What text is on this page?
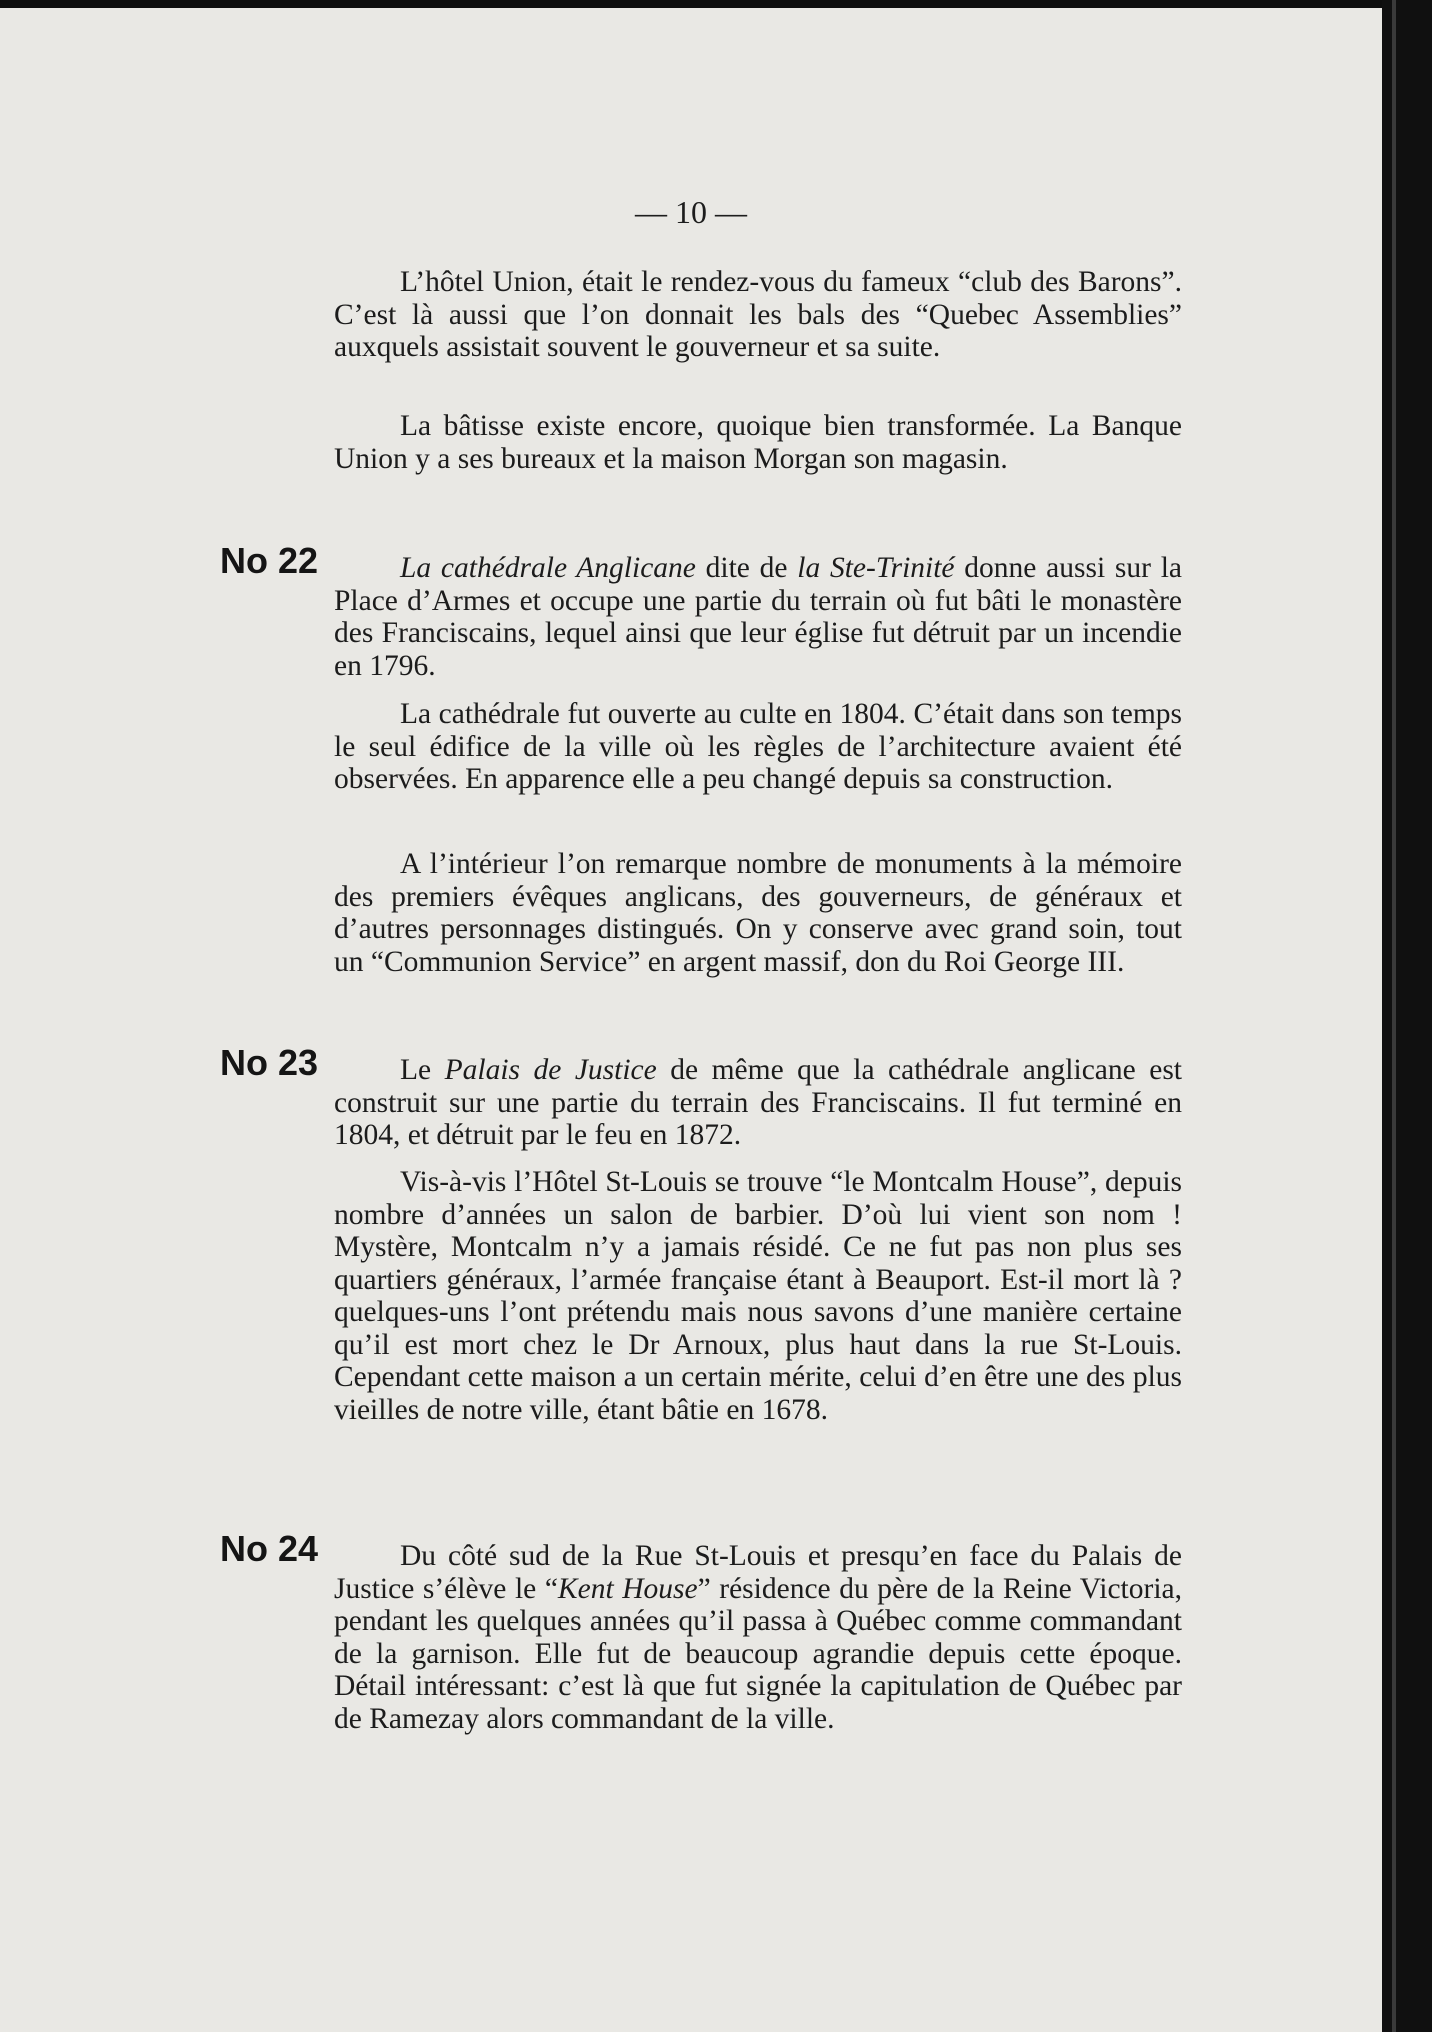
— 10 —

L’hôtel Union, était le rendez-vous du fameux “club des Barons”. C’est là aussi que l’on donnait les bals des “Quebec Assemblies” auxquels assistait souvent le gouverneur et sa suite.

La bâtisse existe encore, quoique bien transformée. La Banque Union y a ses bureaux et la maison Morgan son magasin.

No 22	La cathédrale Anglicane dite de la Ste-Trinité donne aussi sur la Place d’Armes et occupe une partie du terrain où fut bâti le monastère des Franciscains, lequel ainsi que leur église fut détruit par un incendie en 1796.

La cathédrale fut ouverte au culte en 1804. C’était dans son temps le seul édifice de la ville où les règles de l’architecture avaient été observées. En apparence elle a peu changé depuis sa construction.

A l’intérieur l’on remarque nombre de monuments à la mémoire des premiers évêques anglicans, des gouverneurs, de généraux et d’autres personnages distingués. On y conserve avec grand soin, tout un “Communion Service” en argent massif, don du Roi George III.

No 23	Le Palais de Justice de même que la cathédrale anglicane est construit sur une partie du terrain des Franciscains. Il fut terminé en 1804, et détruit par le feu en 1872.

Vis-à-vis l’Hôtel St-Louis se trouve “le Montcalm House”, depuis nombre d’années un salon de barbier. D’où lui vient son nom ! Mystère, Montcalm n’y a jamais résidé. Ce ne fut pas non plus ses quartiers généraux, l’armée française étant à Beauport. Est-il mort là ? quelques-uns l’ont prétendu mais nous savons d’une manière certaine qu’il est mort chez le Dr Arnoux, plus haut dans la rue St-Louis. Cependant cette maison a un certain mérite, celui d’en être une des plus vieilles de notre ville, étant bâtie en 1678.

No 24	Du côté sud de la Rue St-Louis et presqu’en face du Palais de Justice s’élève le “Kent House” résidence du père de la Reine Victoria, pendant les quelques années qu’il passa à Québec comme commandant de la garnison. Elle fut de beaucoup agrandie depuis cette époque. Détail intéressant: c’est là que fut signée la capitulation de Québec par de Ramezay alors commandant de la ville.
